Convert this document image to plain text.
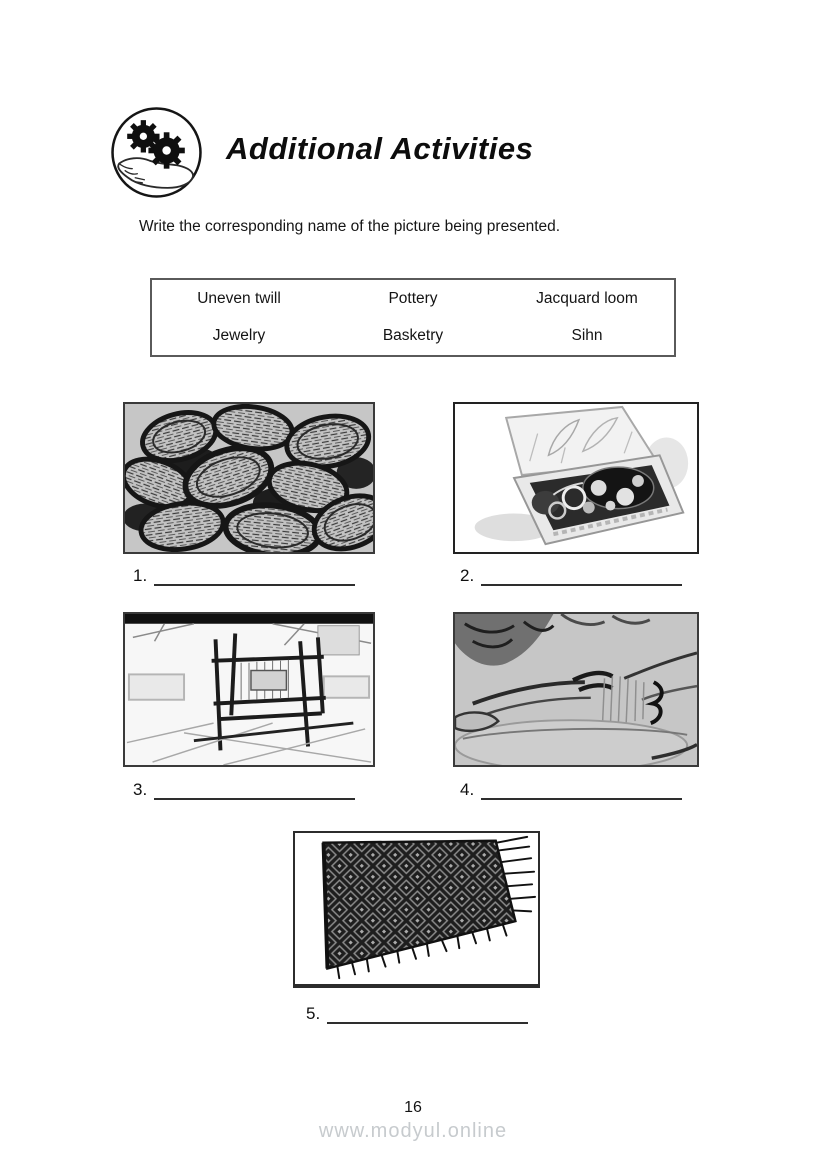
Additional Activities

Write the corresponding name of the picture being presented.

Uneven twill	Pottery	Jacquard loom
Jewelry	Basketry	Sihn
1.	2.
3.	4.
5.
16
www.modyul.online
